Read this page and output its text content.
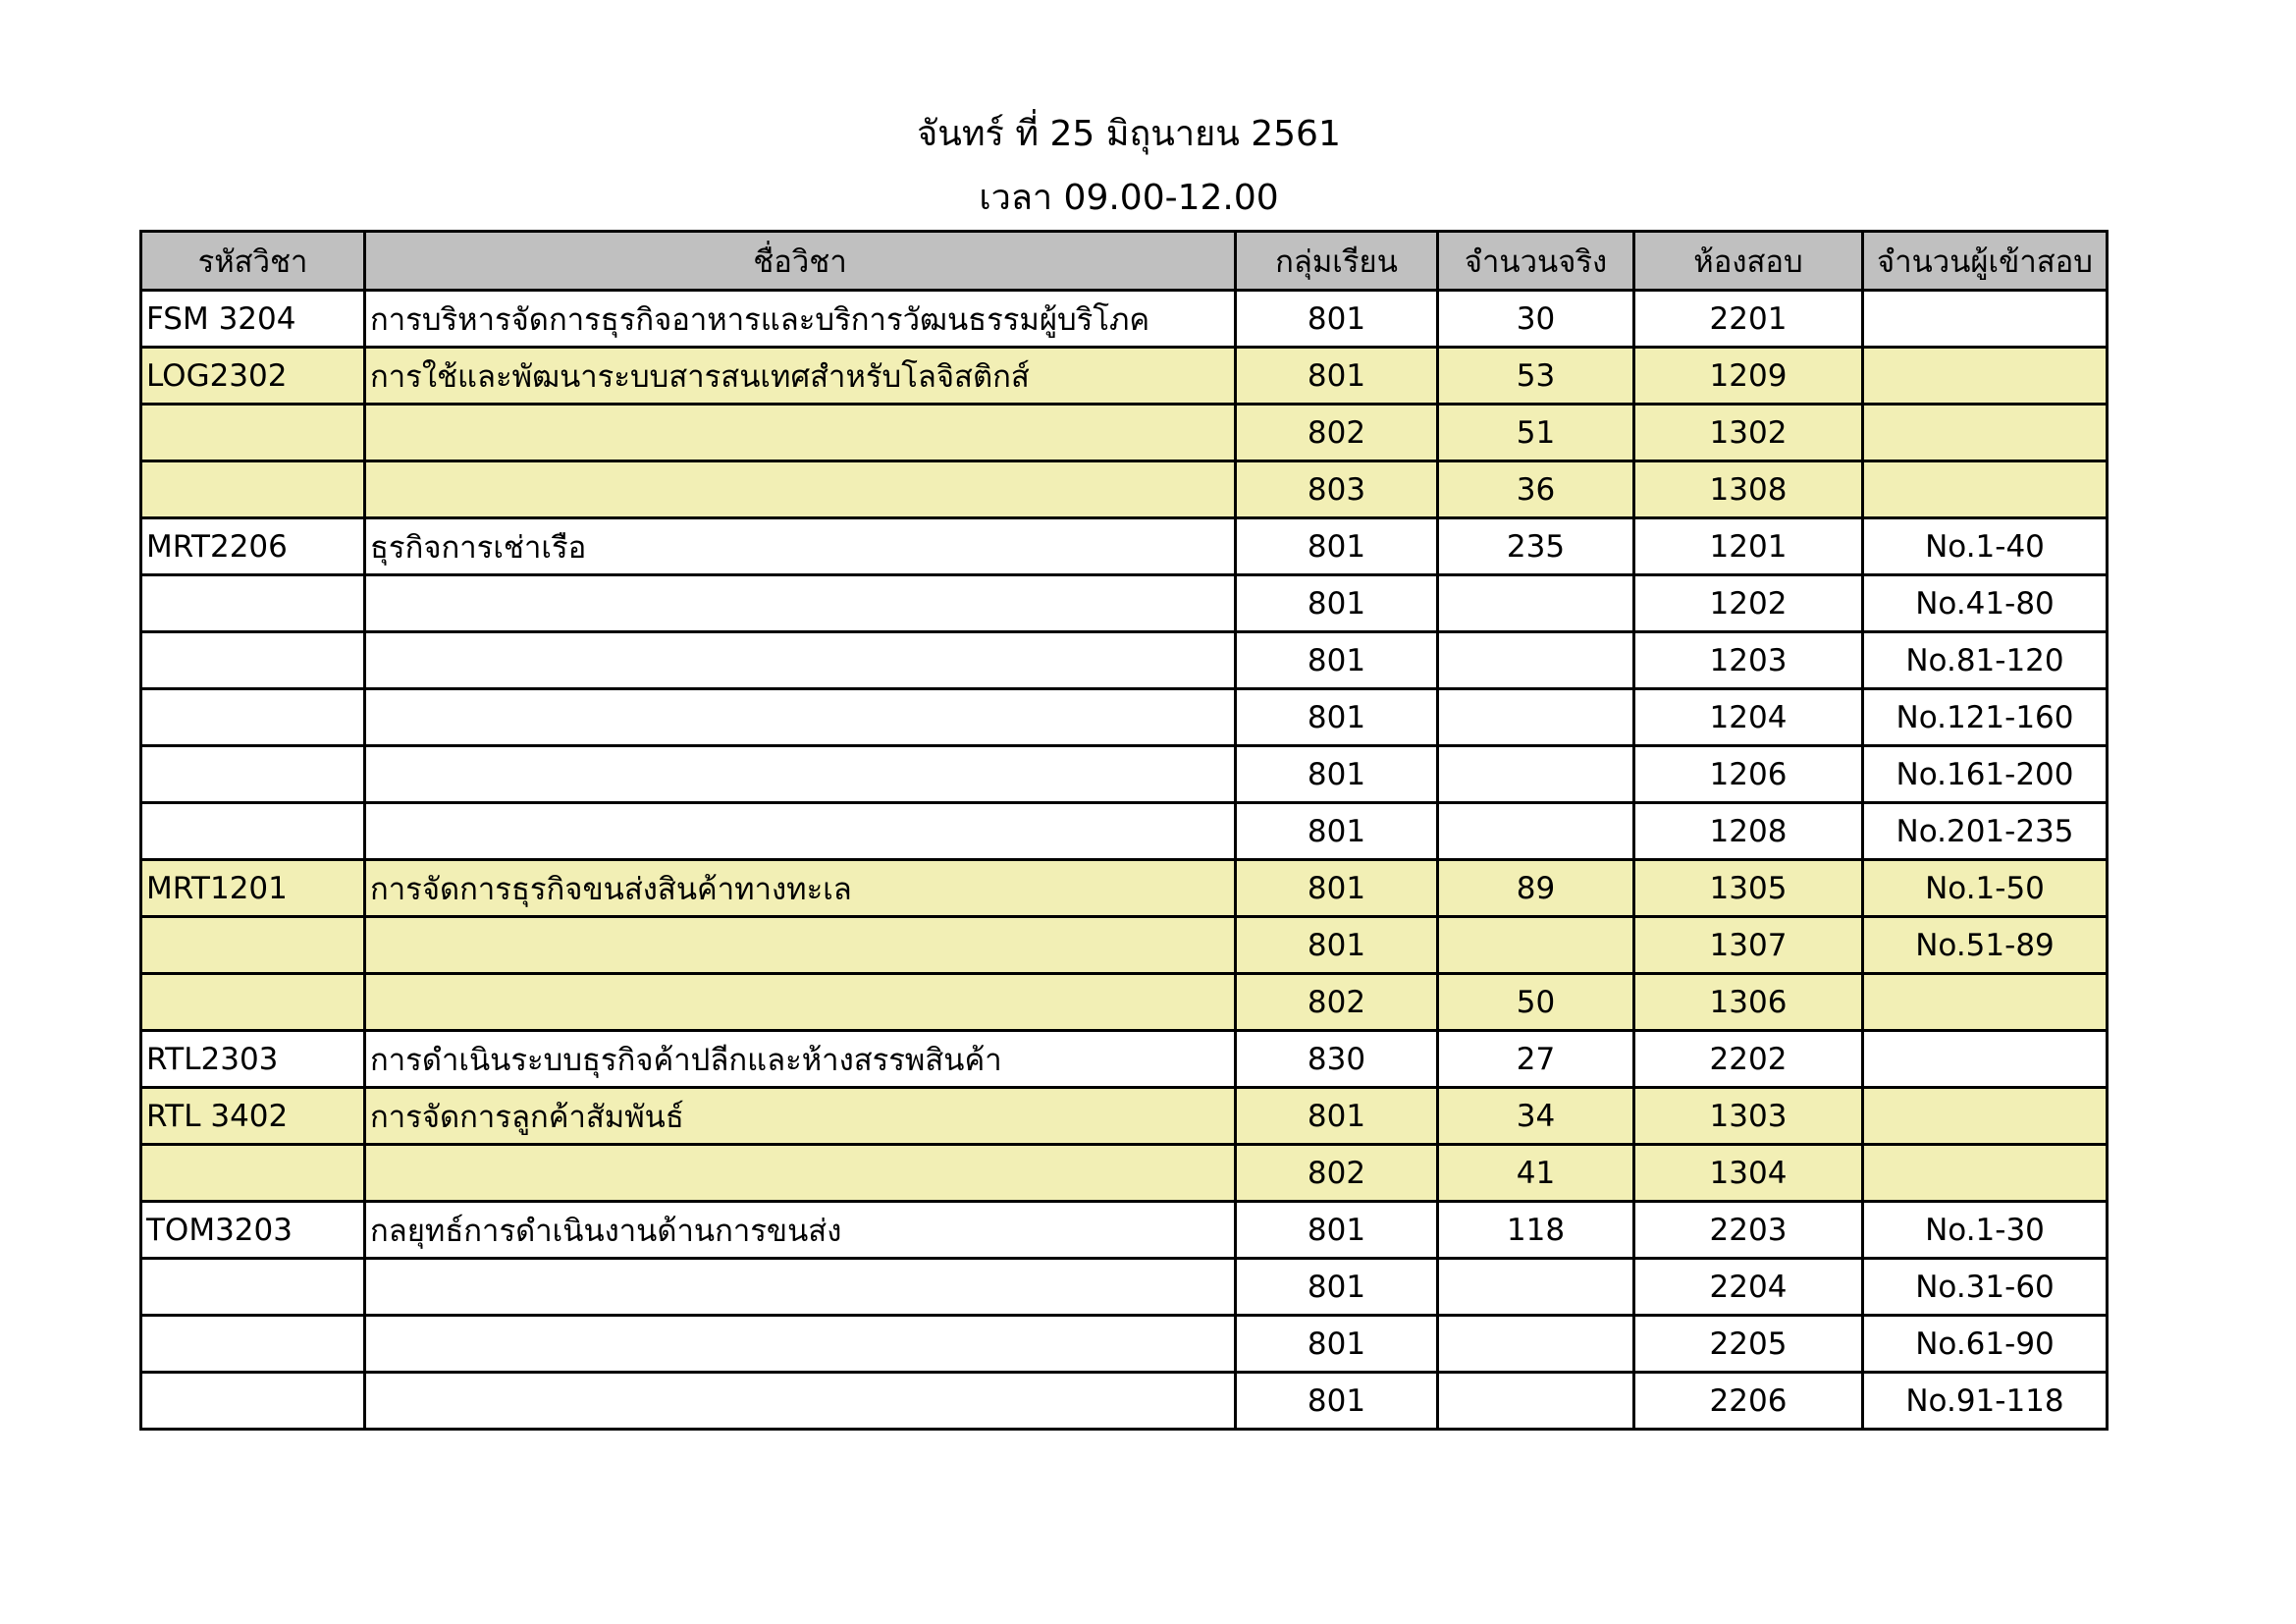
จันทร์ ที่ 25 มิถุนายน 2561
เวลา 09.00-12.00
รหัสวิชา	ชื่อวิชา	กลุ่มเรียน	จำนวนจริง	ห้องสอบ	จำนวนผู้เข้าสอบ
FSM 3204	การบริหารจัดการธุรกิจอาหารและบริการวัฒนธรรมผู้บริโภค	801	30	2201	
LOG2302	การใช้และพัฒนาระบบสารสนเทศสำหรับโลจิสติกส์	801	53	1209	
		802	51	1302	
		803	36	1308	
MRT2206	ธุรกิจการเช่าเรือ	801	235	1201	No.1-40
		801		1202	No.41-80
		801		1203	No.81-120
		801		1204	No.121-160
		801		1206	No.161-200
		801		1208	No.201-235
MRT1201	การจัดการธุรกิจขนส่งสินค้าทางทะเล	801	89	1305	No.1-50
		801		1307	No.51-89
		802	50	1306	
RTL2303	การดำเนินระบบธุรกิจค้าปลีกและห้างสรรพสินค้า	830	27	2202	
RTL 3402	การจัดการลูกค้าสัมพันธ์	801	34	1303	
		802	41	1304	
TOM3203	กลยุทธ์การดำเนินงานด้านการขนส่ง	801	118	2203	No.1-30
		801		2204	No.31-60
		801		2205	No.61-90
		801		2206	No.91-118
